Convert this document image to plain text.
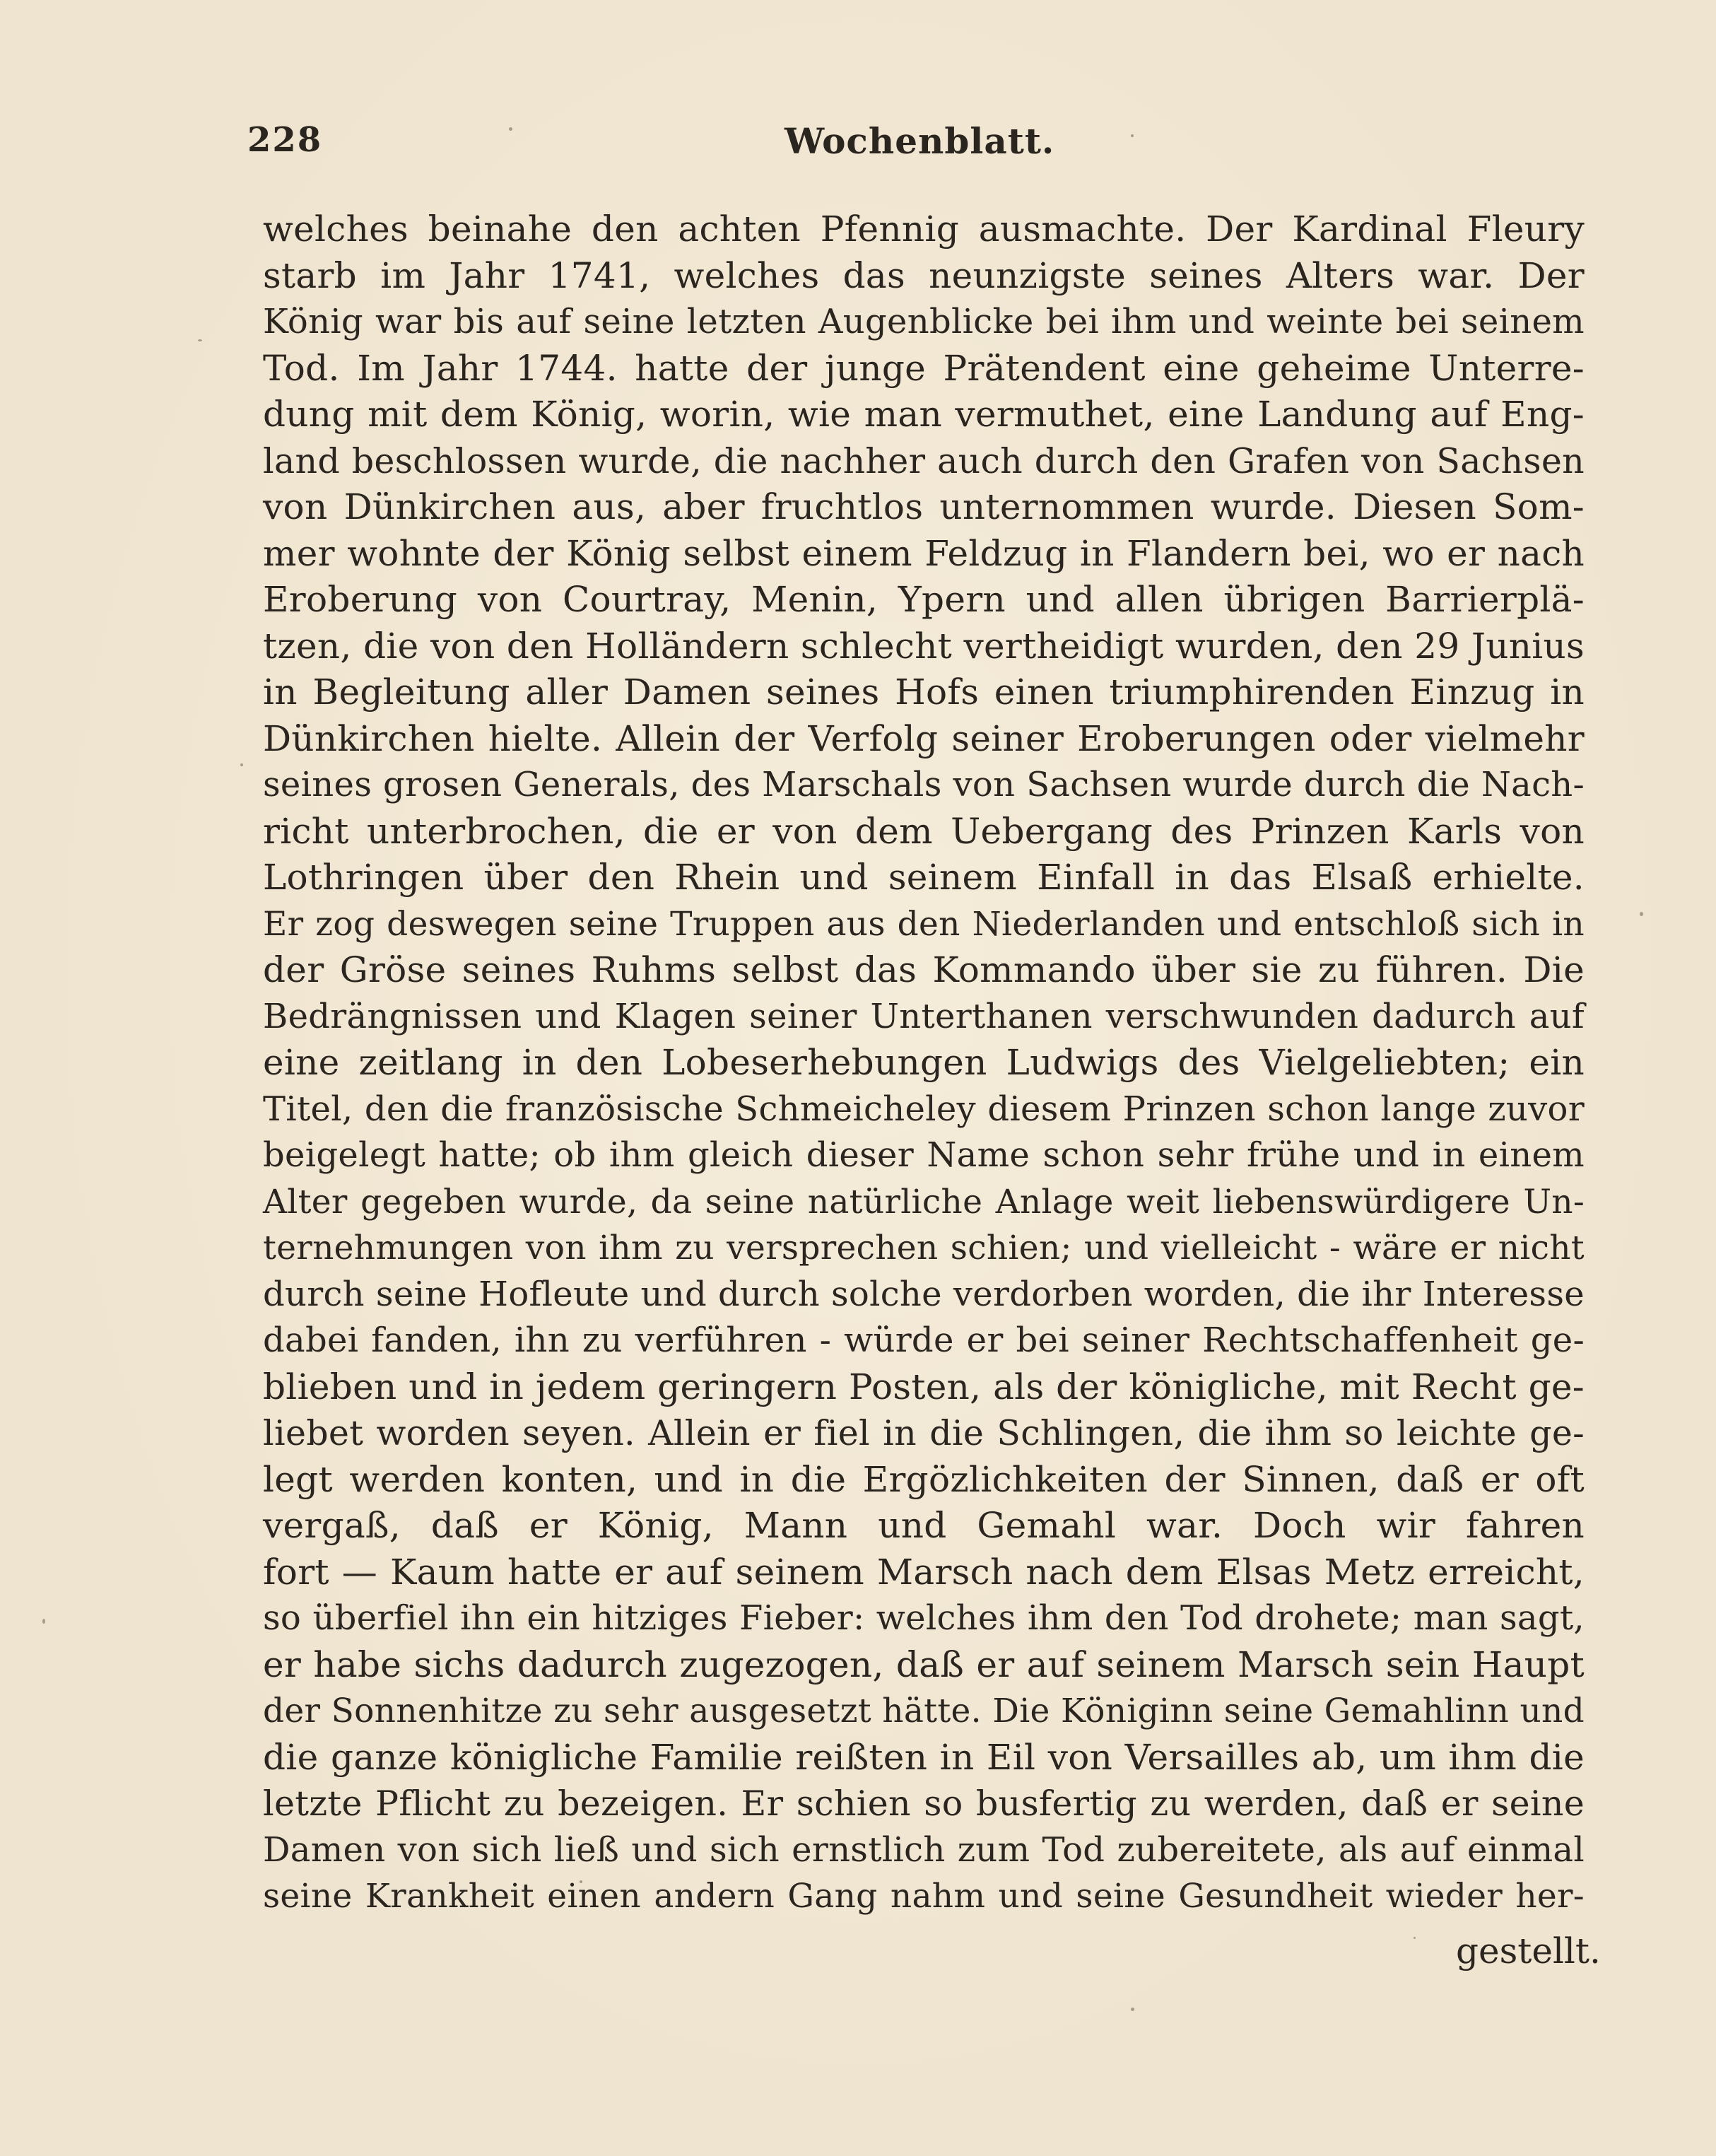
228	Wochenblatt.
welches beinahe den achten Pfennig ausmachte. Der Kardinal Fleury
starb im Jahr 1741, welches das neunzigste seines Alters war. Der
König war bis auf seine letzten Augenblicke bei ihm und weinte bei seinem
Tod. Im Jahr 1744. hatte der junge Prätendent eine geheime Unterre-
dung mit dem König, worin, wie man vermuthet, eine Landung auf Eng-
land beschlossen wurde, die nachher auch durch den Grafen von Sachsen
von Dünkirchen aus, aber fruchtlos unternommen wurde. Diesen Som-
mer wohnte der König selbst einem Feldzug in Flandern bei, wo er nach
Eroberung von Courtray, Menin, Ypern und allen übrigen Barrierplä-
tzen, die von den Holländern schlecht vertheidigt wurden, den 29 Junius
in Begleitung aller Damen seines Hofs einen triumphirenden Einzug in
Dünkirchen hielte. Allein der Verfolg seiner Eroberungen oder vielmehr
seines grosen Generals, des Marschals von Sachsen wurde durch die Nach-
richt unterbrochen, die er von dem Uebergang des Prinzen Karls von
Lothringen über den Rhein und seinem Einfall in das Elsaß erhielte.
Er zog deswegen seine Truppen aus den Niederlanden und entschloß sich in
der Gröse seines Ruhms selbst das Kommando über sie zu führen. Die
Bedrängnissen und Klagen seiner Unterthanen verschwunden dadurch auf
eine zeitlang in den Lobeserhebungen Ludwigs des Vielgeliebten; ein
Titel, den die französische Schmeicheley diesem Prinzen schon lange zuvor
beigelegt hatte; ob ihm gleich dieser Name schon sehr frühe und in einem
Alter gegeben wurde, da seine natürliche Anlage weit liebenswürdigere Un-
ternehmungen von ihm zu versprechen schien; und vielleicht - wäre er nicht
durch seine Hofleute und durch solche verdorben worden, die ihr Interesse
dabei fanden, ihn zu verführen - würde er bei seiner Rechtschaffenheit ge-
blieben und in jedem geringern Posten, als der königliche, mit Recht ge-
liebet worden seyen. Allein er fiel in die Schlingen, die ihm so leichte ge-
legt werden konten, und in die Ergözlichkeiten der Sinnen, daß er oft
vergaß, daß er König, Mann und Gemahl war. Doch wir fahren
fort — Kaum hatte er auf seinem Marsch nach dem Elsas Metz erreicht,
so überfiel ihn ein hitziges Fieber: welches ihm den Tod drohete; man sagt,
er habe sichs dadurch zugezogen, daß er auf seinem Marsch sein Haupt
der Sonnenhitze zu sehr ausgesetzt hätte. Die Königinn seine Gemahlinn und
die ganze königliche Familie reißten in Eil von Versailles ab, um ihm die
letzte Pflicht zu bezeigen. Er schien so busfertig zu werden, daß er seine
Damen von sich ließ und sich ernstlich zum Tod zubereitete, als auf einmal
seine Krankheit einen andern Gang nahm und seine Gesundheit wieder her-
gestellt.
